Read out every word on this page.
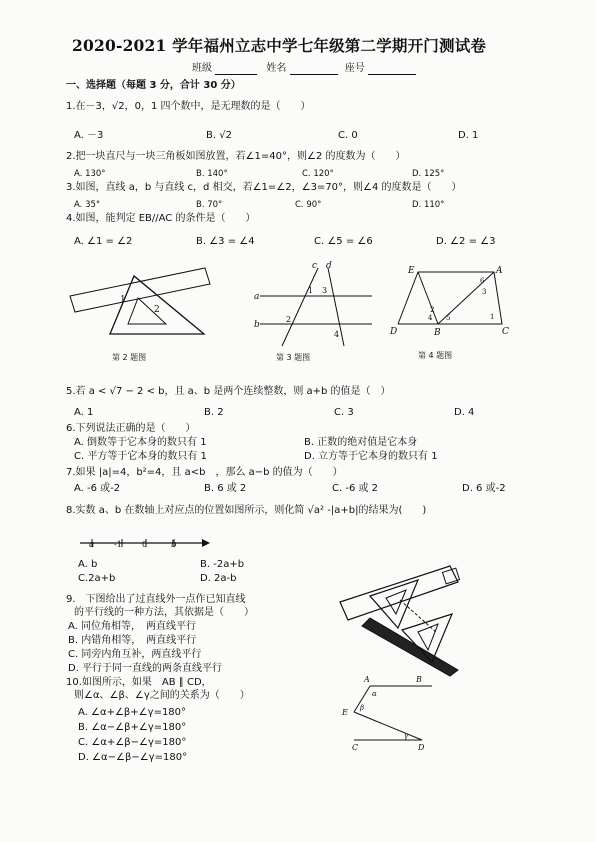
2020-2021 学年福州立志中学七年级第二学期开门测试卷
班级	姓名	座号
一、选择题（每题 3 分，合计 30 分）
1.在－3，√2，0，1 四个数中，是无理数的是（　　）
A. －3	B. √2	C. 0	D. 1
2.把一块直尺与一块三角板如图放置，若∠1=40°，则∠2 的度数为（　　）
A. 130°	B. 140°	C. 120°	D. 125°
3.如图，直线 a，b 与直线 c，d 相交，若∠1=∠2，∠3=70°，则∠4 的度数是（　　）
A. 35°	B. 70°	C. 90°	D. 110°
4.如图，能判定 EB//AC 的条件是（　　）
A. ∠1 = ∠2	B. ∠3 = ∠4	C. ∠5 = ∠6	D. ∠2 = ∠3
1
2
第 2 题图
c d
a
b
1 3
2
4
第 3 题图
E	A
6
2
3
4 5	1
D	B	C
第 4 题图
5.若 a < √7 − 2 < b，且 a、b 是两个连续整数，则 a+b 的值是（　）
A. 1	B. 2	C. 3	D. 4
6.下列说法正确的是（　　）
A. 倒数等于它本身的数只有 1	B. 正数的绝对值是它本身
C. 平方等于它本身的数只有 1	D. 立方等于它本身的数只有 1
7.如果 |a|=4，b²=4，且 a<b　，那么 a−b 的值为（　　）
A. -6 或-2	B. 6 或 2	C. -6 或 2	D. 6 或-2
8.实数 a、b 在数轴上对应点的位置如图所示，则化简 √a² -|a+b|的结果为(　　)
a -1	0	b
A. b	B. -2a+b
C.2a+b	D. 2a-b
9.　下图给出了过直线外一点作已知直线
的平行线的一种方法，其依据是（　　）
A. 同位角相等，　两直线平行
B. 内错角相等，　两直线平行
C. 同旁内角互补，两直线平行
D. 平行于同一直线的两条直线平行
10.如图所示，如果　AB ∥ CD，
则∠α、∠β、∠γ之间的关系为（　　）
A. ∠α+∠β+∠γ=180°
B. ∠α−∠β+∠γ=180°
C. ∠α+∠β−∠γ=180°
D. ∠α−∠β−∠γ=180°
A	B
α
E β
C
γ
D
